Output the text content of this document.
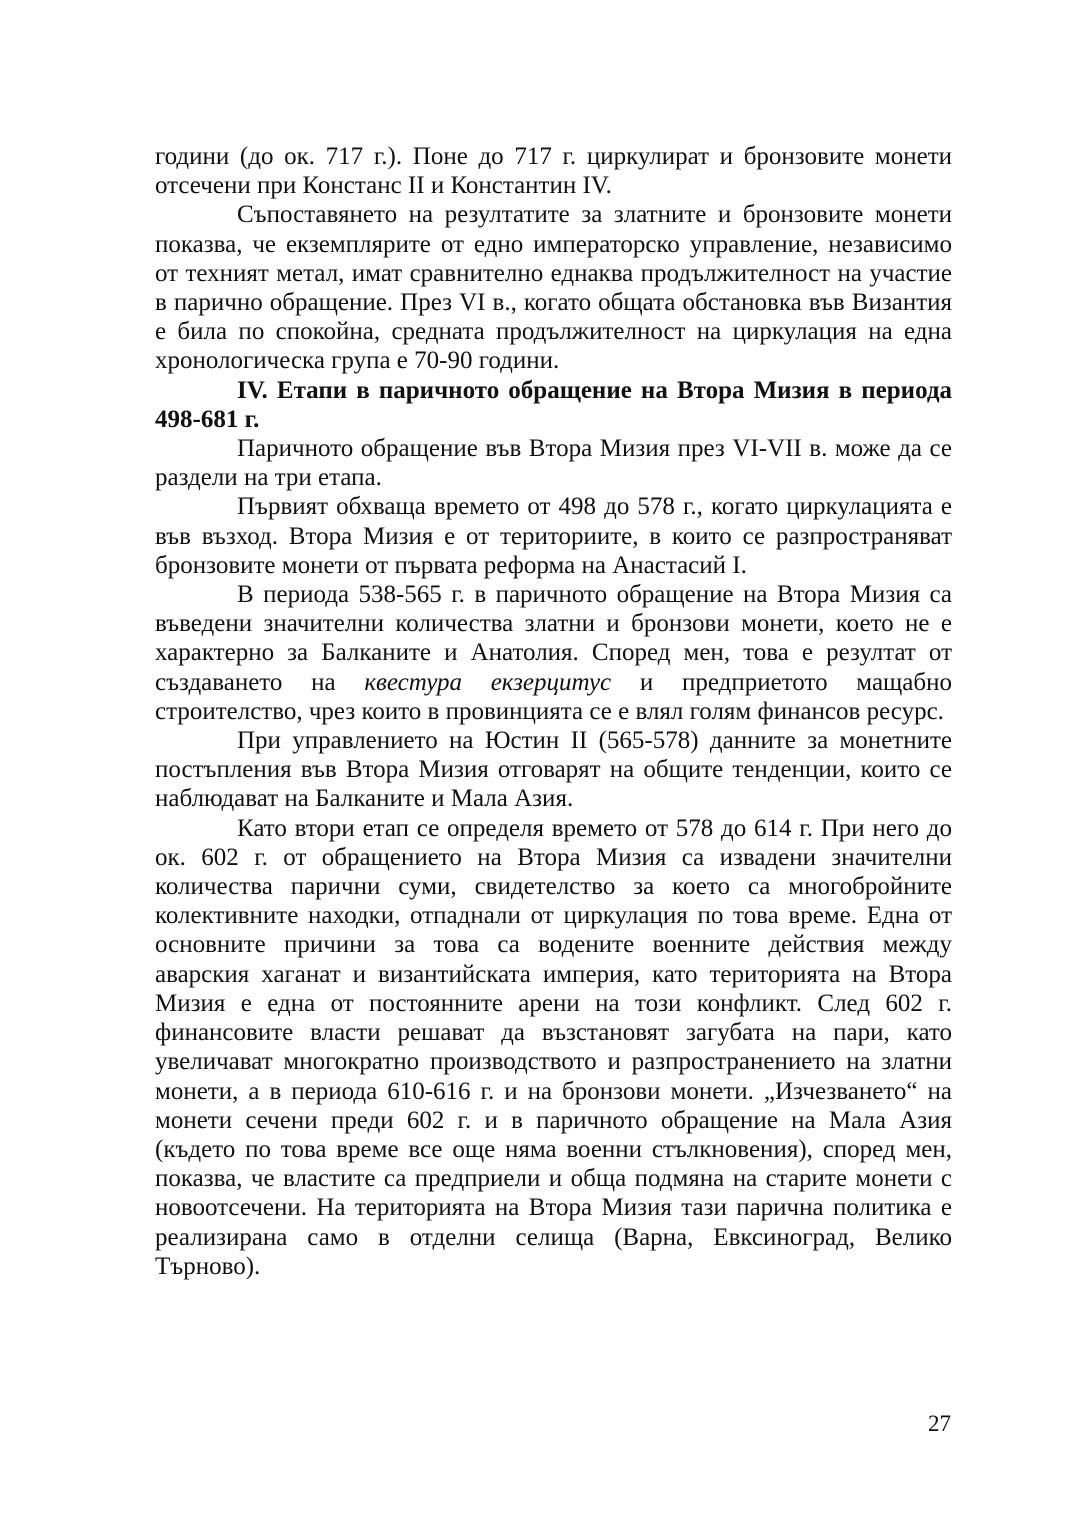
години (до ок. 717 г.). Поне до 717 г. циркулират и бронзовите монети отсечени при Констанс II и Константин IV.

Съпоставянето на резултатите за златните и бронзовите монети показва, че екземплярите от едно императорско управление, независимо от техният метал, имат сравнително еднаква продължителност на участие в парично обращение. През VI в., когато общата обстановка във Византия е била по спокойна, средната продължителност на циркулация на една хронологическа група е 70-90 години.

IV. Етапи в паричното обращение на Втора Мизия в периода 498-681 г.

Паричното обращение във Втора Мизия през VI-VII в. може да се раздели на три етапа.

Първият обхваща времето от 498 до 578 г., когато циркулацията е във възход. Втора Мизия е от териториите, в които се разпространяват бронзовите монети от първата реформа на Анастасий I.

В периода 538-565 г. в паричното обращение на Втора Мизия са въведени значителни количества златни и бронзови монети, което не е характерно за Балканите и Анатолия. Според мен, това е резултат от създаването на квестура екзерцитус и предприетото мащабно строителство, чрез които в провинцията се е влял голям финансов ресурс.

При управлението на Юстин II (565-578) данните за монетните постъпления във Втора Мизия отговарят на общите тенденции, които се наблюдават на Балканите и Мала Азия.

Като втори етап се определя времето от 578 до 614 г. При него до ок. 602 г. от обращението на Втора Мизия са извадени значителни количества парични суми, свидетелство за което са многобройните колективните находки, отпаднали от циркулация по това време. Една от основните причини за това са водените военните действия между аварския хаганат и византийската империя, като територията на Втора Мизия е една от постоянните арени на този конфликт. След 602 г. финансовите власти решават да възстановят загубата на пари, като увеличават многократно производството и разпространението на златни монети, а в периода 610-616 г. и на бронзови монети. „Изчезването“ на монети сечени преди 602 г. и в паричното обращение на Мала Азия (където по това време все още няма военни стълкновения), според мен, показва, че властите са предприели и обща подмяна на старите монети с новоотсечени. На територията на Втора Мизия тази парична политика е реализирана само в отделни селища (Варна, Евксиноград, Велико Търново).

27
